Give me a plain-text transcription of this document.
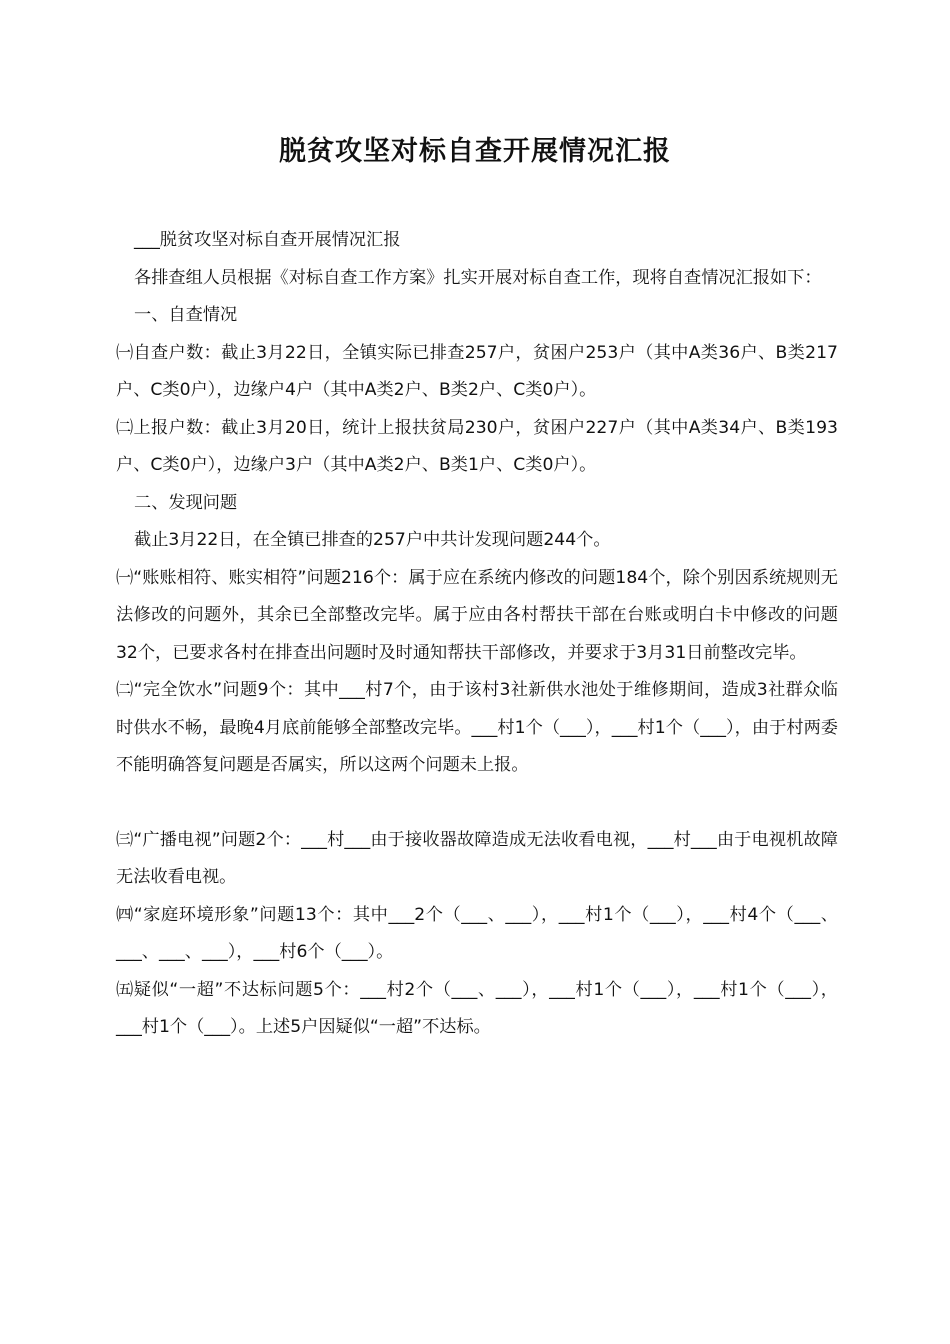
脱贫攻坚对标自查开展情况汇报

___脱贫攻坚对标自查开展情况汇报

各排查组人员根据《对标自查工作方案》扎实开展对标自查工作，现将自查情况汇报如下：

一、自查情况

㈠自查户数：截止3月22日，全镇实际已排查257户，贫困户253户（其中A类36户、B类217户、C类0户），边缘户4户（其中A类2户、B类2户、C类0户）。

㈡上报户数：截止3月20日，统计上报扶贫局230户，贫困户227户（其中A类34户、B类193户、C类0户），边缘户3户（其中A类2户、B类1户、C类0户）。

二、发现问题

截止3月22日，在全镇已排查的257户中共计发现问题244个。

㈠“账账相符、账实相符”问题216个：属于应在系统内修改的问题184个，除个别因系统规则无法修改的问题外，其余已全部整改完毕。属于应由各村帮扶干部在台账或明白卡中修改的问题32个，已要求各村在排查出问题时及时通知帮扶干部修改，并要求于3月31日前整改完毕。

㈡“完全饮水”问题9个：其中___村7个，由于该村3社新供水池处于维修期间，造成3社群众临时供水不畅，最晚4月底前能够全部整改完毕。___村1个（___），___村1个（___），由于村两委不能明确答复问题是否属实，所以这两个问题未上报。

㈢“广播电视”问题2个：___村___由于接收器故障造成无法收看电视，___村___由于电视机故障无法收看电视。

㈣“家庭环境形象”问题13个：其中___2个（___、___），___村1个（___），___村4个（___、___、___、___），___村6个（___）。

㈤疑似“一超”不达标问题5个：___村2个（___、___），___村1个（___），___村1个（___），___村1个（___）。上述5户因疑似“一超”不达标。
